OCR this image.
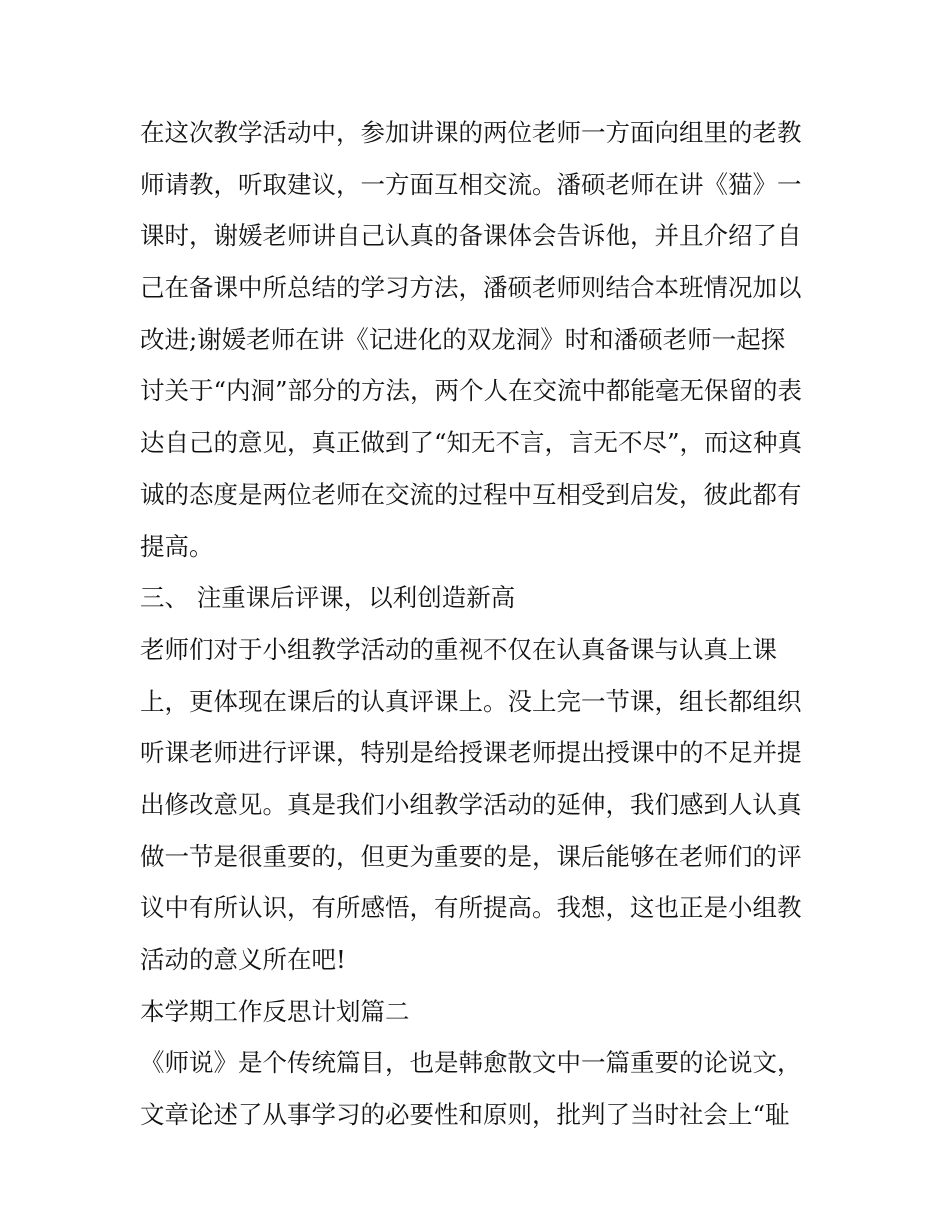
在这次教学活动中，参加讲课的两位老师一方面向组里的老教
师请教，听取建议，一方面互相交流。潘硕老师在讲《猫》一
课时，谢媛老师讲自己认真的备课体会告诉他，并且介绍了自
己在备课中所总结的学习方法，潘硕老师则结合本班情况加以
改进;谢媛老师在讲《记进化的双龙洞》时和潘硕老师一起探
讨关于“内洞”部分的方法，两个人在交流中都能毫无保留的表
达自己的意见，真正做到了“知无不言，言无不尽”，而这种真
诚的态度是两位老师在交流的过程中互相受到启发，彼此都有
提高。
三、 注重课后评课，以利创造新高
老师们对于小组教学活动的重视不仅在认真备课与认真上课
上，更体现在课后的认真评课上。没上完一节课，组长都组织
听课老师进行评课，特别是给授课老师提出授课中的不足并提
出修改意见。真是我们小组教学活动的延伸，我们感到人认真
做一节是很重要的，但更为重要的是，课后能够在老师们的评
议中有所认识，有所感悟，有所提高。我想，这也正是小组教
活动的意义所在吧!
本学期工作反思计划篇二
《师说》是个传统篇目，也是韩愈散文中一篇重要的论说文，
文章论述了从事学习的必要性和原则，批判了当时社会上“耻
